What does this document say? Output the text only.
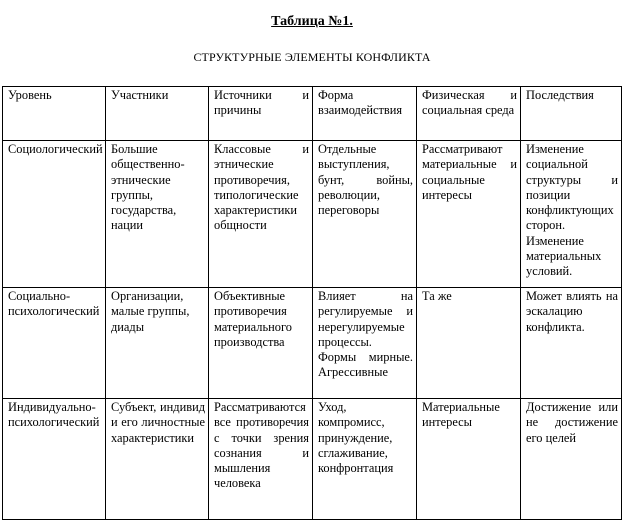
Таблица №1.
СТРУКТУРНЫЕ ЭЛЕМЕНТЫ КОНФЛИКТА
Уровень	Участники	Источники и причины	Форма взаимодействия	Физическая и социальная среда	Последствия
Социологический	Большие общественно-этнические группы, государства, нации	Классовые и этнические противоречия, типологические характеристики общности	Отдельные выступления, бунт, войны, революции, переговоры	Рассматривают материальные и социальные интересы	Изменение социальной структуры и позиции конфликтующих сторон. Изменение материальных условий.
Социально-психологический	Организации, малые группы, диады	Объективные противоречия материального производства	Влияет на регулируемые и нерегулируемые процессы. Формы мирные. Агрессивные	Та же	Может влиять на эскалацию конфликта.
Индивидуально-психологический	Субъект, индивид и его личностные характеристики	Рассматриваются все противоречия с точки зрения сознания и мышления человека	Уход, компромисс, принуждение, сглаживание, конфронтация	Материальные интересы	Достижение или не достижение его целей
